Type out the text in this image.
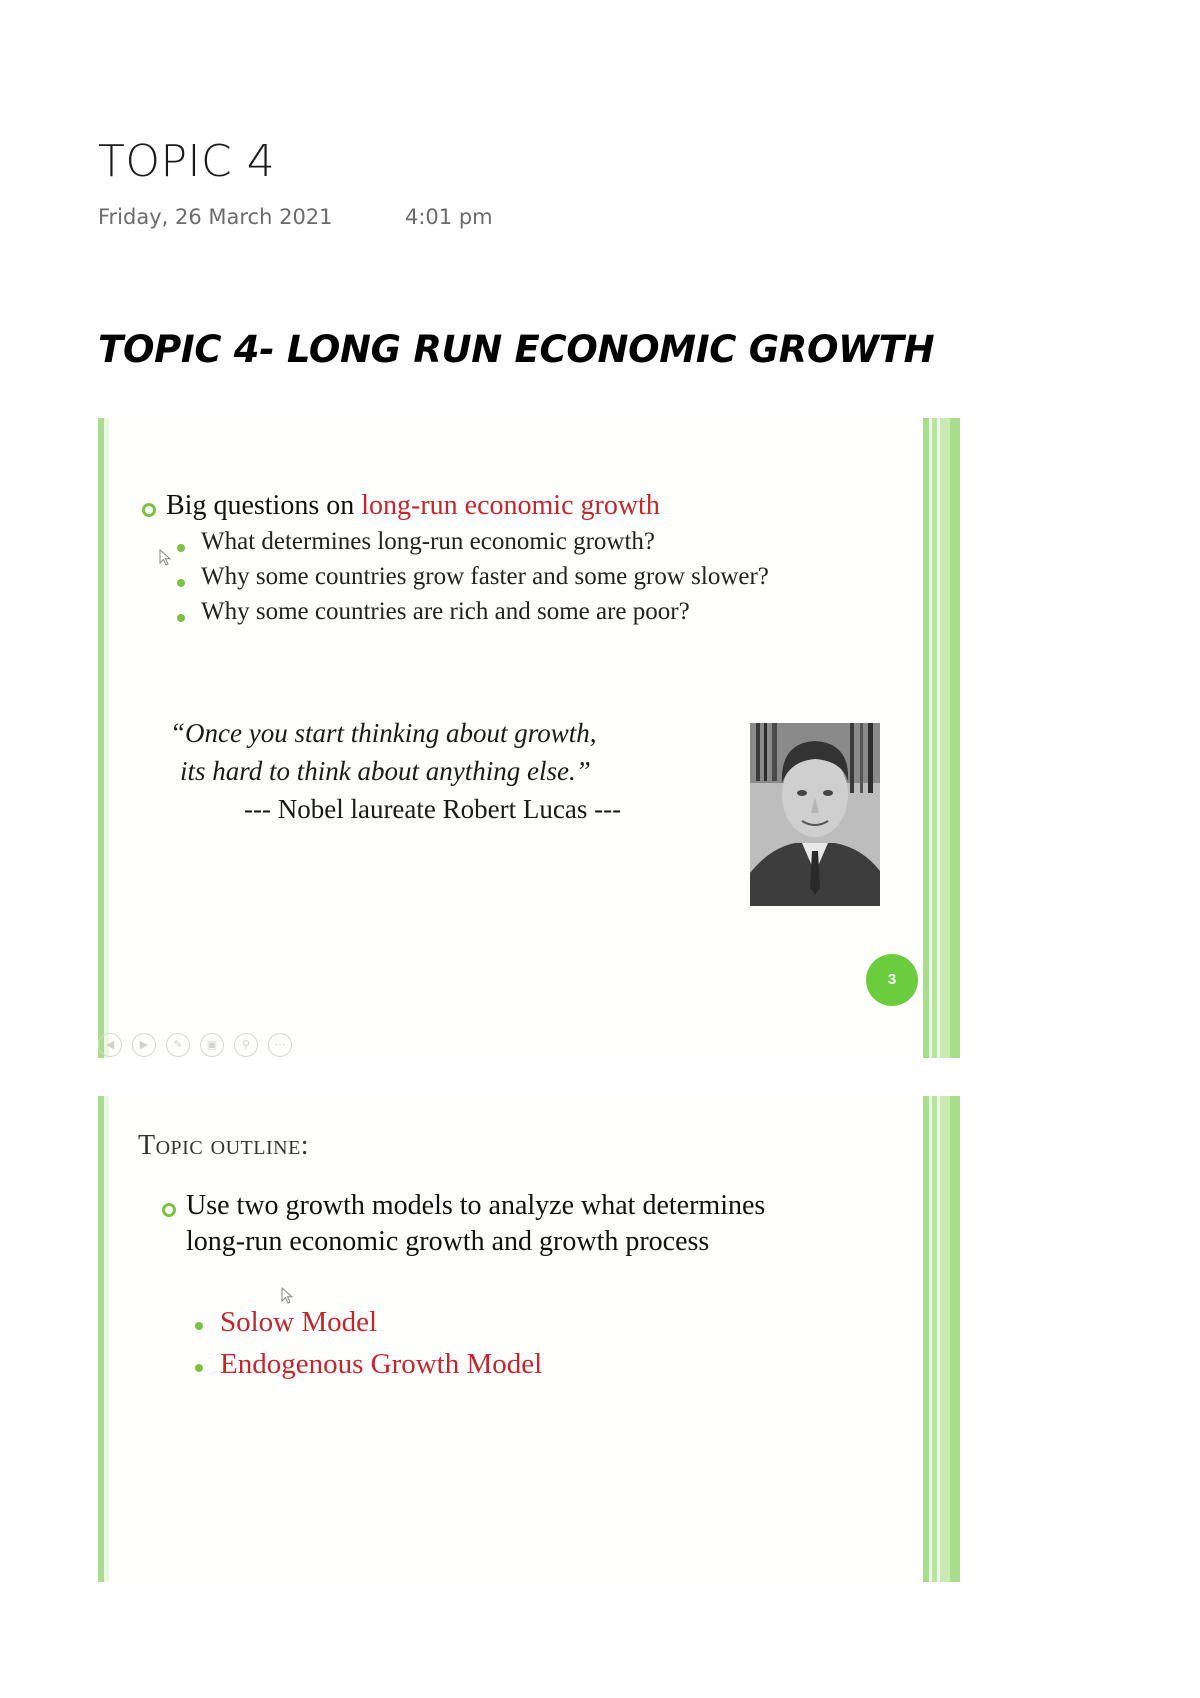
TOPIC 4
Friday, 26 March 2021	4:01 pm
TOPIC 4- LONG RUN ECONOMIC GROWTH
Big questions on long-run economic growth
What determines long-run economic growth?
Why some countries grow faster and some grow slower?
Why some countries are rich and some are poor?
“Once you start thinking about growth,
its hard to think about anything else.”
--- Nobel laureate Robert Lucas ---
3
◀	▶	✎	▣	⚲	⋯
Topic outline:
Use two growth models to analyze what determines
long-run economic growth and growth process
Solow Model
Endogenous Growth Model
